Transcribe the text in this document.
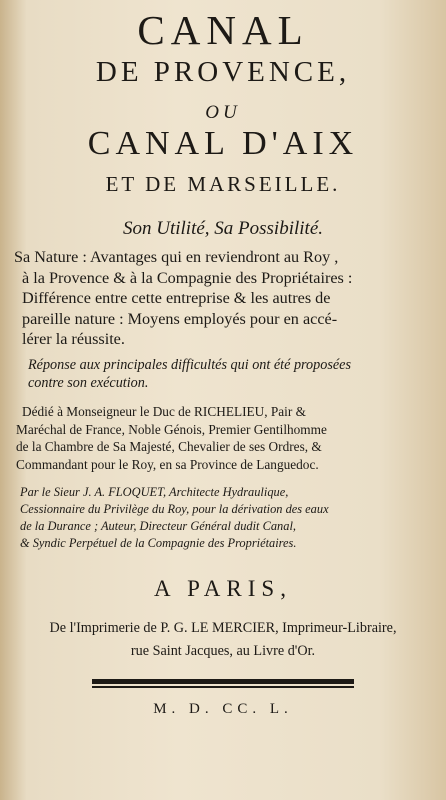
CANAL
DE PROVENCE,
OU
CANAL D'AIX
ET DE MARSEILLE.
Son Utilité, Sa Possibilité.
Sa Nature : Avantages qui en reviendront au Roy ,
à la Provence & à la Compagnie des Propriétaires :
Différence entre cette entreprise & les autres de
pareille nature : Moyens employés pour en accé-
lérer la réussite.
Réponse aux principales difficultés qui ont été proposées
contre son exécution.
Dédié à Monseigneur le Duc de RICHELIEU, Pair &
Maréchal de France, Noble Génois, Premier Gentilhomme
de la Chambre de Sa Majesté, Chevalier de ses Ordres, &
Commandant pour le Roy, en sa Province de Languedoc.
Par le Sieur J. A. FLOQUET, Architecte Hydraulique,
Cessionnaire du Privilège du Roy, pour la dérivation des eaux
de la Durance ; Auteur, Directeur Général dudit Canal,
& Syndic Perpétuel de la Compagnie des Propriétaires.
A PARIS,
De l'Imprimerie de P. G. LE MERCIER, Imprimeur-Libraire,
rue Saint Jacques, au Livre d'Or.
M. D. CC. L.
